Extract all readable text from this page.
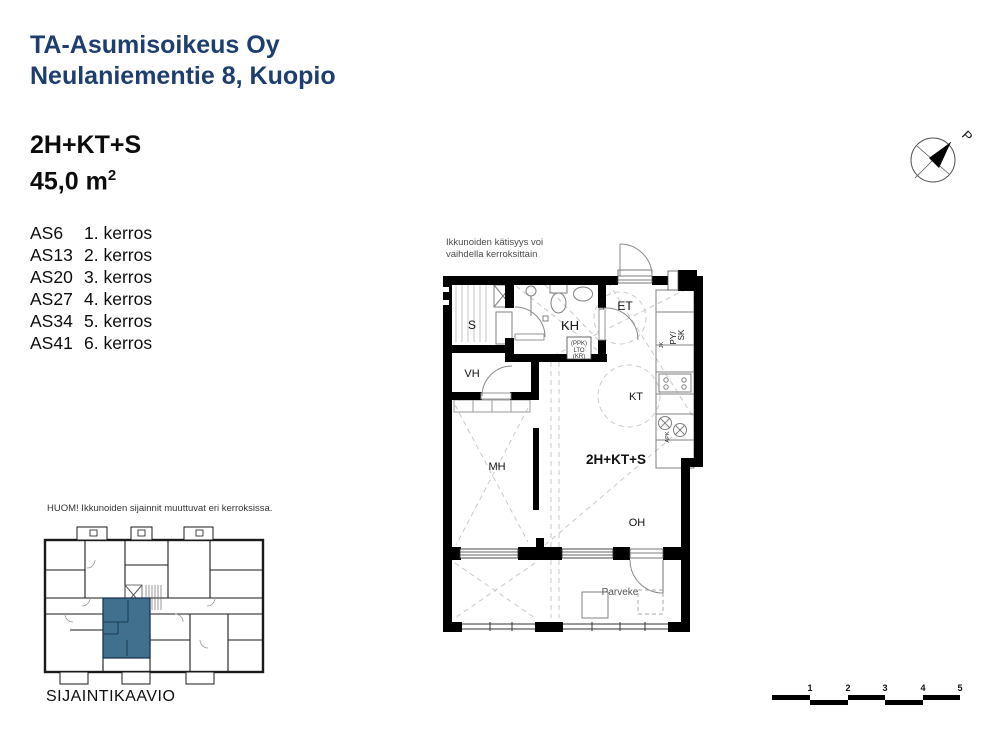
TA-Asumisoikeus Oy
Neulaniementie 8, Kuopio
2H+KT+S
45,0 $m^2$
AS6	1. kerros
AS13 2. kerros
AS20 3. kerros
AS27 4. kerros
AS34 5. kerros
AS41 6. kerros
Ikkunoiden kätisyys voi
vaihdella kerroksittain
S	KH
ET
VH
KT
MH	2H+KT+S
OH
Parveke
(PPK)
LTO
(KR)
PY/ SK
JK
APK
LRK
HUOM! Ikkunoiden sijainnit muuttuvat eri kerroksissa.
SIJAINTIKAAVIO
P
1	2	3	4	5
